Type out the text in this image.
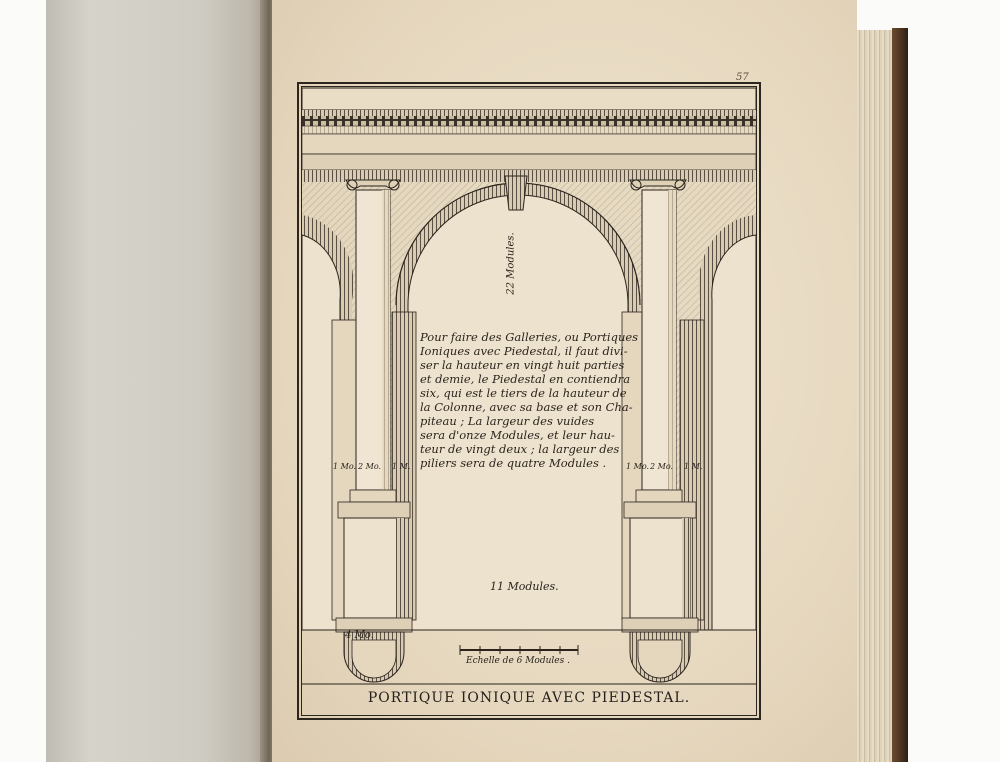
57
Pour faire des Galleries, ou Portiques
Ioniques avec Piedestal, il faut divi-
ser la hauteur en vingt huit parties
et demie, le Piedestal en contiendra
six, qui est le tiers de la hauteur de
la Colonne, avec sa base et son Cha-
piteau ; La largeur des vuides
sera d'onze Modules, et leur hau-
teur de vingt deux ; la largeur des
piliers sera de quatre Modules .
22 Modules.
11 Modules.
4 Mo.
1 Mo. 2 Mo. 1 M.	1 Mo. 2 Mo. 1 M.
Echelle de 6 Modules .
PORTIQUE IONIQUE AVEC PIEDESTAL.
